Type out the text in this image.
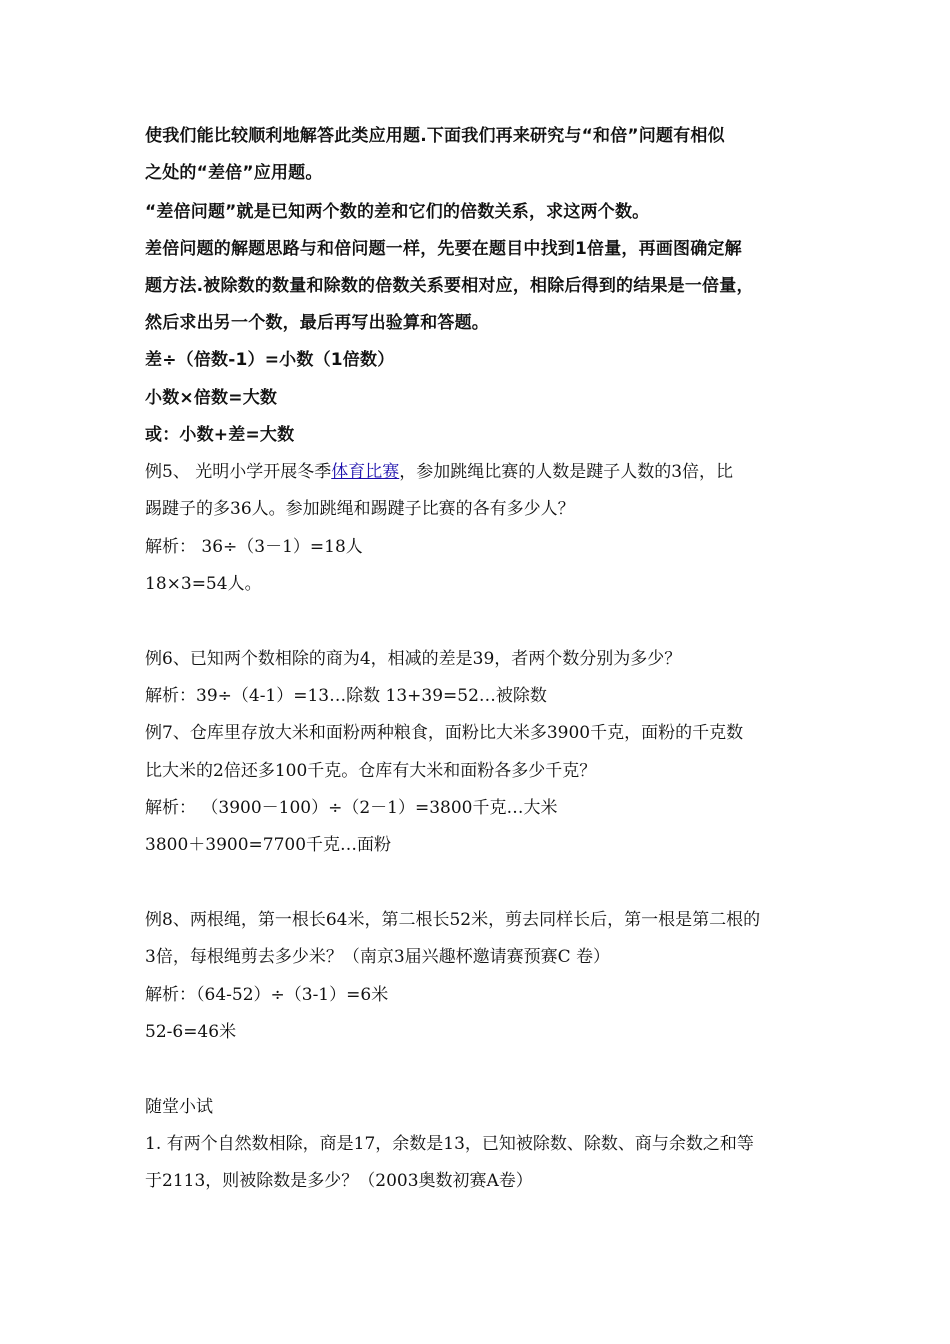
使我们能比较顺利地解答此类应用题.下面我们再来研究与“和倍”问题有相似
之处的“差倍”应用题。
“差倍问题”就是已知两个数的差和它们的倍数关系，求这两个数。
差倍问题的解题思路与和倍问题一样，先要在题目中找到1倍量，再画图确定解
题方法.被除数的数量和除数的倍数关系要相对应，相除后得到的结果是一倍量，
然后求出另一个数，最后再写出验算和答题。
差÷（倍数-1）=小数（1倍数）
小数×倍数=大数
或：小数+差=大数
例5、 光明小学开展冬季体育比赛，参加跳绳比赛的人数是踺子人数的3倍，比
踢踺子的多36人。参加跳绳和踢踺子比赛的各有多少人？
解析： 36÷（3－1）=18人
18×3=54人。
例6、已知两个数相除的商为4，相减的差是39，者两个数分别为多少？
解析：39÷（4-1）=13…除数 13+39=52…被除数
例7、仓库里存放大米和面粉两种粮食，面粉比大米多3900千克，面粉的千克数
比大米的2倍还多100千克。仓库有大米和面粉各多少千克？
解析： （3900－100）÷（2－1）=3800千克…大米
3800＋3900=7700千克…面粉
例8、两根绳，第一根长64米，第二根长52米，剪去同样长后，第一根是第二根的
3倍，每根绳剪去多少米？（南京3届兴趣杯邀请赛预赛C 卷）
解析：（64-52）÷（3-1）=6米
52-6=46米
随堂小试
1. 有两个自然数相除，商是17，余数是13，已知被除数、除数、商与余数之和等
于2113，则被除数是多少？（2003奥数初赛A卷）
